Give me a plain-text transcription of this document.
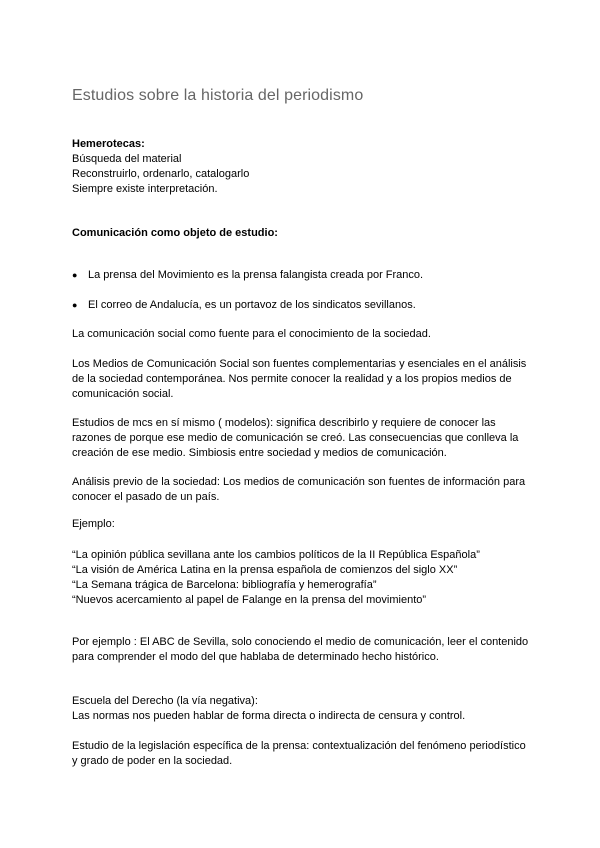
Estudios sobre la historia del periodismo

Hemerotecas:

Búsqueda del material

Reconstruirlo, ordenarlo, catalogarlo

Siempre existe interpretación.

Comunicación como objeto de estudio:

● La prensa del Movimiento es la prensa falangista creada por Franco.
● El correo de Andalucía, es un portavoz de los sindicatos sevillanos.

La comunicación social como fuente para el conocimiento de la sociedad.

Los Medios de Comunicación Social son fuentes complementarias y esenciales en el análisis de la sociedad contemporánea. Nos permite conocer la realidad y a los propios medios de comunicación social.

Estudios de mcs en sí mismo ( modelos): significa describirlo y requiere de conocer las razones de porque ese medio de comunicación se creó. Las consecuencias que conlleva la creación de ese medio. Simbiosis entre sociedad y medios de comunicación.

Análisis previo de la sociedad: Los medios de comunicación son fuentes de información para conocer el pasado de un país.

Ejemplo:

“La opinión pública sevillana ante los cambios políticos de la II República Española”

“La visión de América Latina en la prensa española de comienzos del siglo XX”

“La Semana trágica de Barcelona: bibliografía y hemerografía”

“Nuevos acercamiento al papel de Falange en la prensa del movimiento”

Por ejemplo : El ABC de Sevilla, solo conociendo el medio de comunicación, leer el contenido para comprender el modo del que hablaba de determinado hecho histórico.

Escuela del Derecho (la vía negativa):

Las normas nos pueden hablar de forma directa o indirecta de censura y control.

Estudio de la legislación específica de la prensa: contextualización del fenómeno periodístico y grado de poder en la sociedad.
